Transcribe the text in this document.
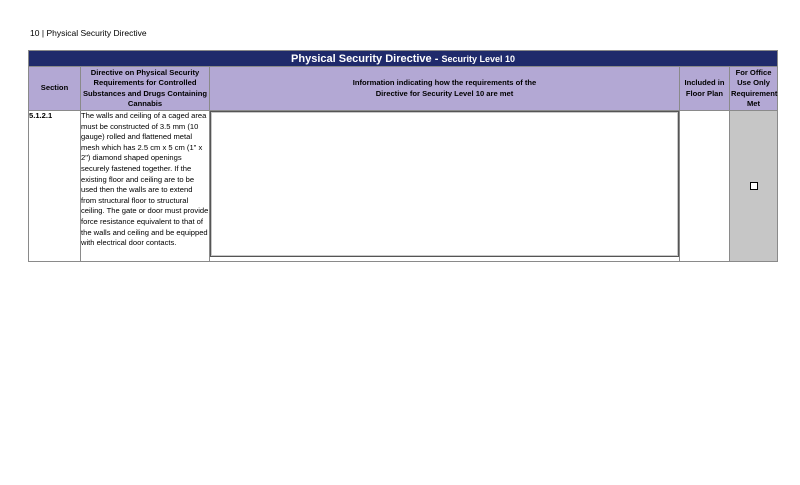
10 | Physical Security Directive
Physical Security Directive - Security Level 10				

Section	Directive on Physical Security Requirements for Controlled Substances and Drugs Containing Cannabis	Information indicating how the requirements of the Directive for Security Level 10 are met	Included in Floor Plan	For Office Use Only Requirement Met

5.1.2.1	The walls and ceiling of a caged area must be constructed of 3.5 mm (10 gauge) rolled and flattened metal mesh which has 2.5 cm x 5 cm (1" x 2") diamond shaped openings securely fastened together. If the existing floor and ceiling are to be used then the walls are to extend from structural floor to structural ceiling. The gate or door must provide force resistance equivalent to that of the walls and ceiling and be equipped with electrical door contacts.	
